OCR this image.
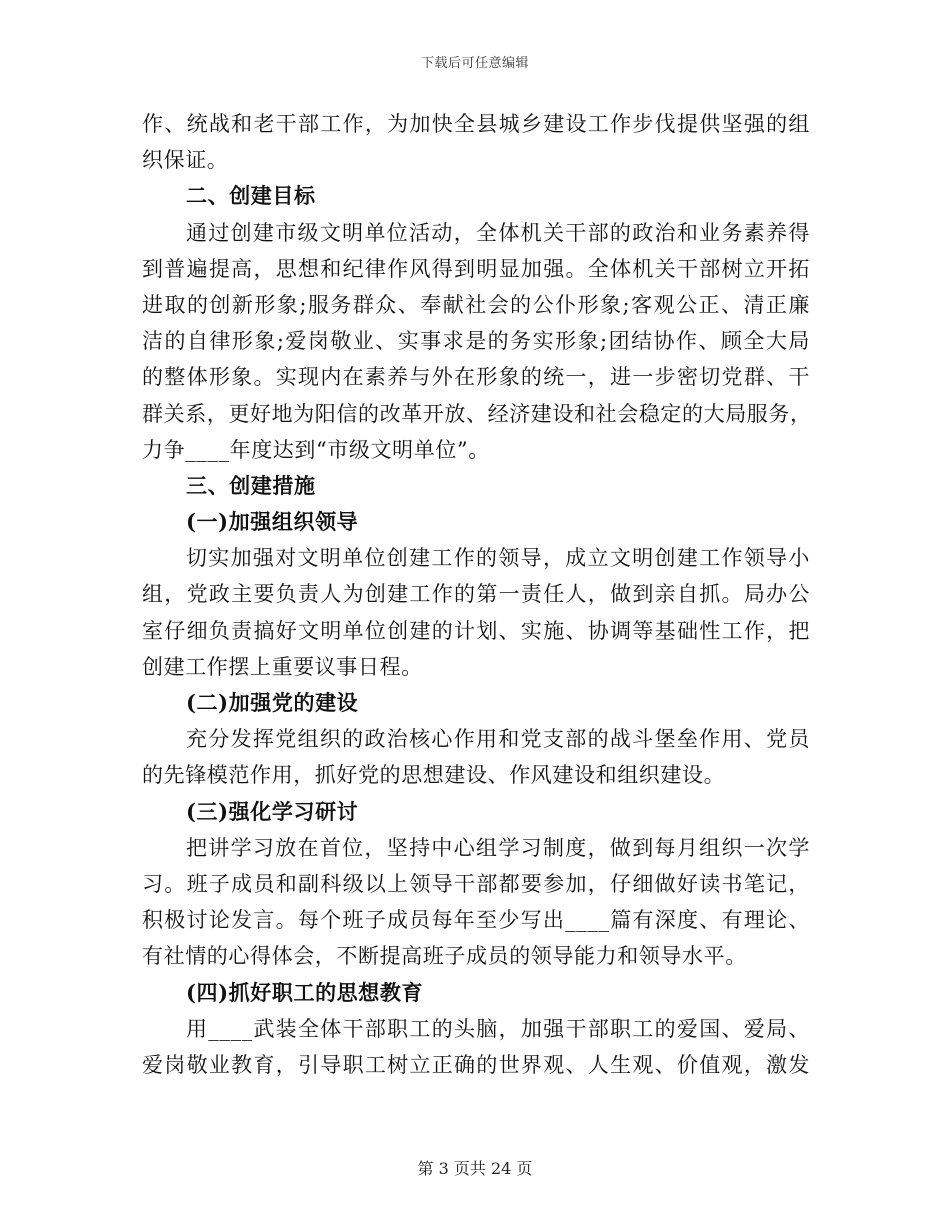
下载后可任意编辑
作、统战和老干部工作，为加快全县城乡建设工作步伐提供坚强的组
织保证。
二、创建目标
通过创建市级文明单位活动，全体机关干部的政治和业务素养得
到普遍提高，思想和纪律作风得到明显加强。全体机关干部树立开拓
进取的创新形象;服务群众、奉献社会的公仆形象;客观公正、清正廉
洁的自律形象;爱岗敬业、实事求是的务实形象;团结协作、顾全大局
的整体形象。实现内在素养与外在形象的统一，进一步密切党群、干
群关系，更好地为阳信的改革开放、经济建设和社会稳定的大局服务，
力争____年度达到“市级文明单位”。
三、创建措施
(一)加强组织领导
切实加强对文明单位创建工作的领导，成立文明创建工作领导小
组，党政主要负责人为创建工作的第一责任人，做到亲自抓。局办公
室仔细负责搞好文明单位创建的计划、实施、协调等基础性工作，把
创建工作摆上重要议事日程。
(二)加强党的建设
充分发挥党组织的政治核心作用和党支部的战斗堡垒作用、党员
的先锋模范作用，抓好党的思想建设、作风建设和组织建设。
(三)强化学习研讨
把讲学习放在首位，坚持中心组学习制度，做到每月组织一次学
习。班子成员和副科级以上领导干部都要参加，仔细做好读书笔记，
积极讨论发言。每个班子成员每年至少写出____篇有深度、有理论、
有社情的心得体会，不断提高班子成员的领导能力和领导水平。
(四)抓好职工的思想教育
用____武装全体干部职工的头脑，加强干部职工的爱国、爱局、
爱岗敬业教育，引导职工树立正确的世界观、人生观、价值观，激发
第 3 页共 24 页
